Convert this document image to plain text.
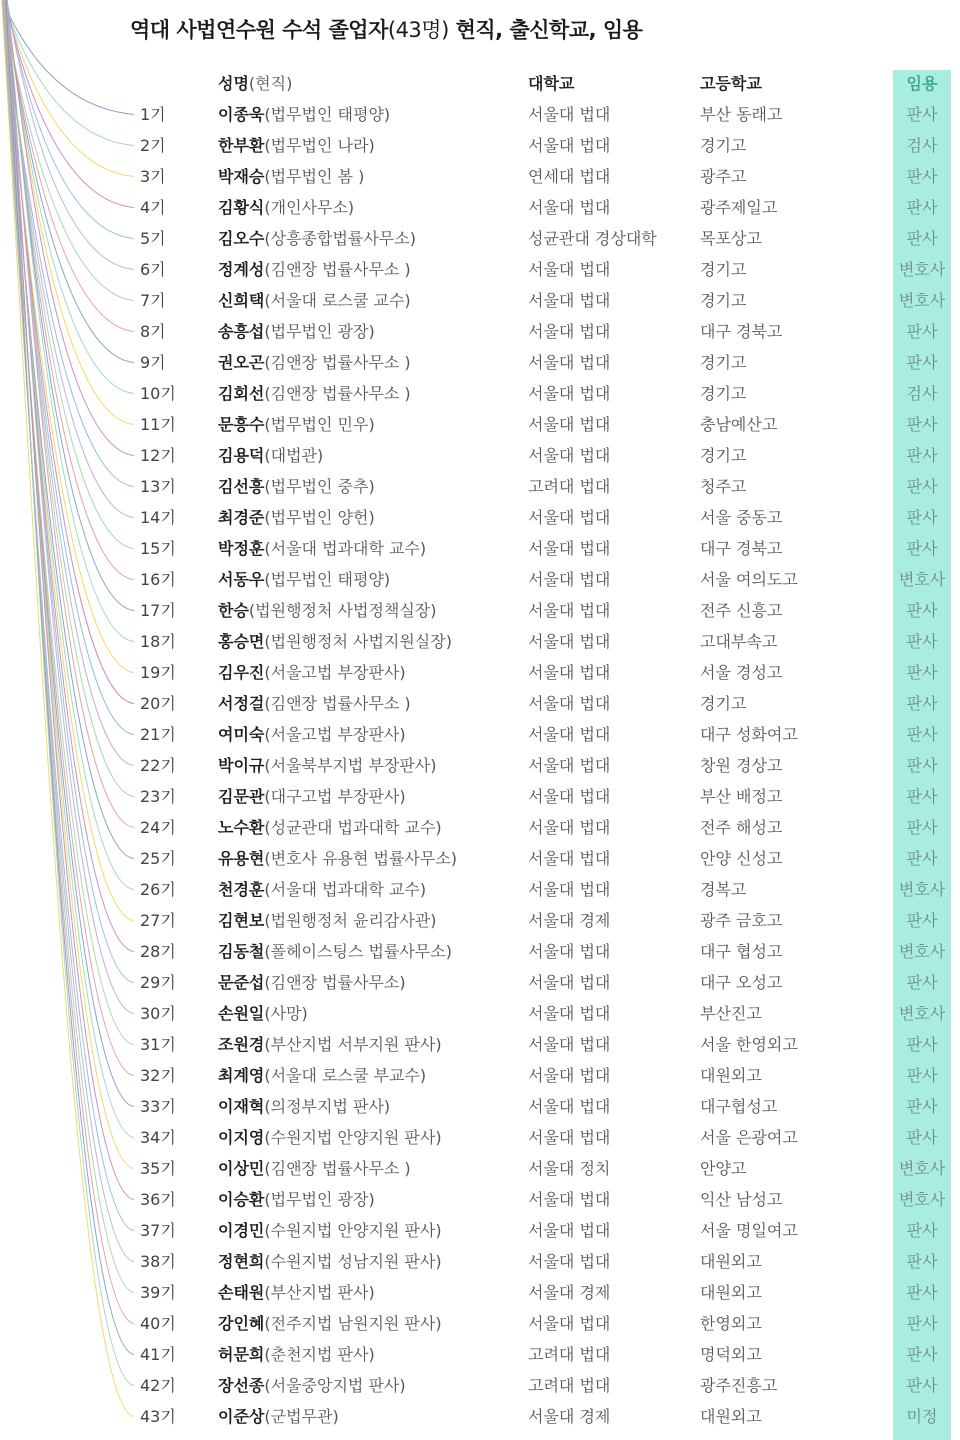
역대 사법연수원 수석 졸업자(43명) 현직, 출신학교, 임용
성명(현직)	대학교	고등학교	임용
1기	이종욱(법무법인 태평양)	서울대 법대	부산 동래고	판사
2기	한부환(법무법인 나라)	서울대 법대	경기고	검사
3기	박재승(법무법인 봄 )	연세대 법대	광주고	판사
4기	김황식(개인사무소)	서울대 법대	광주제일고	판사
5기	김오수(상흥종합법률사무소)	성균관대 경상대학	목포상고	판사
6기	정계성(김앤장 법률사무소 )	서울대 법대	경기고	변호사
7기	신희택(서울대 로스쿨 교수)	서울대 법대	경기고	변호사
8기	송흥섭(법무법인 광장)	서울대 법대	대구 경북고	판사
9기	권오곤(김앤장 법률사무소 )	서울대 법대	경기고	판사
10기	김회선(김앤장 법률사무소 )	서울대 법대	경기고	검사
11기	문흥수(법무법인 민우)	서울대 법대	충남예산고	판사
12기	김용덕(대법관)	서울대 법대	경기고	판사
13기	김선흥(법무법인 중추)	고려대 법대	청주고	판사
14기	최경준(법무법인 양헌)	서울대 법대	서울 중동고	판사
15기	박정훈(서울대 법과대학 교수)	서울대 법대	대구 경북고	판사
16기	서동우(법무법인 태평양)	서울대 법대	서울 여의도고	변호사
17기	한승(법원행정처 사법정책실장)	서울대 법대	전주 신흥고	판사
18기	홍승면(법원행정처 사법지원실장)	서울대 법대	고대부속고	판사
19기	김우진(서울고법 부장판사)	서울대 법대	서울 경성고	판사
20기	서정걸(김앤장 법률사무소 )	서울대 법대	경기고	판사
21기	여미숙(서울고법 부장판사)	서울대 법대	대구 성화여고	판사
22기	박이규(서울북부지법 부장판사)	서울대 법대	창원 경상고	판사
23기	김문관(대구고법 부장판사)	서울대 법대	부산 배정고	판사
24기	노수환(성균관대 법과대학 교수)	서울대 법대	전주 해성고	판사
25기	유용현(변호사 유용현 법률사무소)	서울대 법대	안양 신성고	판사
26기	천경훈(서울대 법과대학 교수)	서울대 법대	경복고	변호사
27기	김현보(법원행정처 윤리감사관)	서울대 경제	광주 금호고	판사
28기	김동철(폴헤이스팅스 법률사무소)	서울대 법대	대구 협성고	변호사
29기	문준섭(김앤장 법률사무소)	서울대 법대	대구 오성고	판사
30기	손원일(사망)	서울대 법대	부산진고	변호사
31기	조원경(부산지법 서부지원 판사)	서울대 법대	서울 한영외고	판사
32기	최계영(서울대 로스쿨 부교수)	서울대 법대	대원외고	판사
33기	이재혁(의정부지법 판사)	서울대 법대	대구협성고	판사
34기	이지영(수원지법 안양지원 판사)	서울대 법대	서울 은광여고	판사
35기	이상민(김앤장 법률사무소 )	서울대 정치	안양고	변호사
36기	이승환(법무법인 광장)	서울대 법대	익산 남성고	변호사
37기	이경민(수원지법 안양지원 판사)	서울대 법대	서울 명일여고	판사
38기	정현희(수원지법 성남지원 판사)	서울대 법대	대원외고	판사
39기	손태원(부산지법 판사)	서울대 경제	대원외고	판사
40기	강인혜(전주지법 남원지원 판사)	서울대 법대	한영외고	판사
41기	허문희(춘천지법 판사)	고려대 법대	명덕외고	판사
42기	장선종(서울중앙지법 판사)	고려대 법대	광주진흥고	판사
43기	이준상(군법무관)	서울대 경제	대원외고	미정
